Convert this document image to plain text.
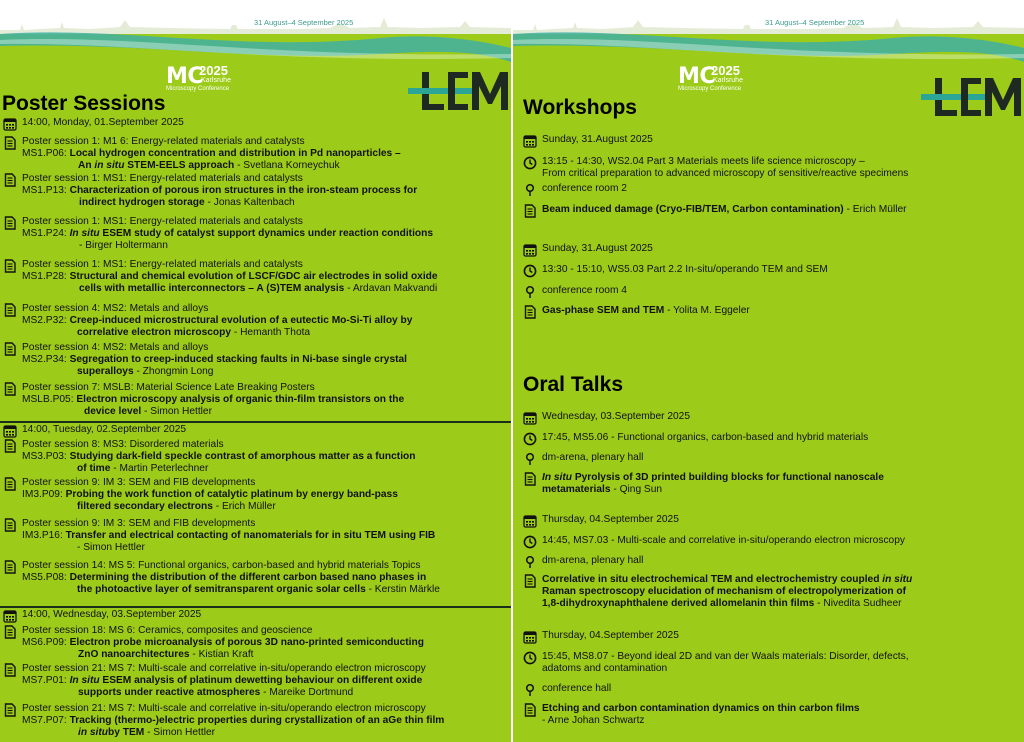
31 August–4 September 2025
MC
2025
Karlsruhe
Microscopy Conference
Poster Sessions
14:00, Monday, 01.September 2025
Poster session 1: M1 6: Energy-related materials and catalysts
MS1.P06: Local hydrogen concentration and distribution in Pd nanoparticles –
An in situ STEM-EELS approach - Svetlana Korneychuk
Poster session 1: MS1: Energy-related materials and catalysts
MS1.P13: Characterization of porous iron structures in the iron-steam process for
indirect hydrogen storage - Jonas Kaltenbach
Poster session 1: MS1: Energy-related materials and catalysts
MS1.P24: In situ ESEM study of catalyst support dynamics under reaction conditions
- Birger Holtermann
Poster session 1: MS1: Energy-related materials and catalysts
MS1.P28: Structural and chemical evolution of LSCF/GDC air electrodes in solid oxide
cells with metallic interconnectors – A (S)TEM analysis - Ardavan Makvandi
Poster session 4: MS2: Metals and alloys
MS2.P32: Creep-induced microstructural evolution of a eutectic Mo-Si-Ti alloy by
correlative electron microscopy - Hemanth Thota
Poster session 4: MS2: Metals and alloys
MS2.P34: Segregation to creep-induced stacking faults in Ni-base single crystal
superalloys - Zhongmin Long
Poster session 7: MSLB: Material Science Late Breaking Posters
MSLB.P05: Electron microscopy analysis of organic thin-film transistors on the
device level - Simon Hettler
14:00, Tuesday, 02.September 2025
Poster session 8: MS3: Disordered materials
MS3.P03: Studying dark-field speckle contrast of amorphous matter as a function
of time - Martin Peterlechner
Poster session 9: IM 3: SEM and FIB developments
IM3.P09: Probing the work function of catalytic platinum by energy band-pass
filtered secondary electrons - Erich Müller
Poster session 9: IM 3: SEM and FIB developments
IM3.P16: Transfer and electrical contacting of nanomaterials for in situ TEM using FIB
- Simon Hettler
Poster session 14: MS 5: Functional organics, carbon-based and hybrid materials Topics
MS5.P08: Determining the distribution of the different carbon based nano phases in
the photoactive layer of semitransparent organic solar cells - Kerstin Märkle
14:00, Wednesday, 03.September 2025
Poster session 18: MS 6: Ceramics, composites and geoscience
MS6.P09: Electron probe microanalysis of porous 3D nano-printed semiconducting
ZnO nanoarchitectures - Kistian Kraft
Poster session 21: MS 7: Multi-scale and correlative in-situ/operando electron microscopy
MS7.P01: In situ ESEM analysis of platinum dewetting behaviour on different oxide
supports under reactive atmospheres - Mareike Dortmund
Poster session 21: MS 7: Multi-scale and correlative in-situ/operando electron microscopy
MS7.P07: Tracking (thermo-)electric properties during crystallization of an aGe thin film
in situby TEM - Simon Hettler
31 August–4 September 2025
MC
2025
Karlsruhe
Microscopy Conference
Workshops
Oral Talks
Sunday, 31.August 2025
13:15 - 14:30, WS2.04 Part 3 Materials meets life science microscopy –
From critical preparation to advanced microscopy of sensitive/reactive specimens
conference room 2
Beam induced damage (Cryo-FIB/TEM, Carbon contamination) - Erich Müller
Sunday, 31.August 2025
13:30 - 15:10, WS5.03 Part 2.2 In-situ/operando TEM and SEM
conference room 4
Gas-phase SEM and TEM - Yolita M. Eggeler
Wednesday, 03.September 2025
17:45, MS5.06 - Functional organics, carbon-based and hybrid materials
dm-arena, plenary hall
In situ Pyrolysis of 3D printed building blocks for functional nanoscale
metamaterials - Qing Sun
Thursday, 04.September 2025
14:45, MS7.03 - Multi-scale and correlative in-situ/operando electron microscopy
dm-arena, plenary hall
Correlative in situ electrochemical TEM and electrochemistry coupled in situ
Raman spectroscopy elucidation of mechanism of electropolymerization of
1,8-dihydroxynaphthalene derived allomelanin thin films - Nivedita Sudheer
Thursday, 04.September 2025
15:45, MS8.07 - Beyond ideal 2D and van der Waals materials: Disorder, defects,
adatoms and contamination
conference hall
Etching and carbon contamination dynamics on thin carbon films
- Arne Johan Schwartz
